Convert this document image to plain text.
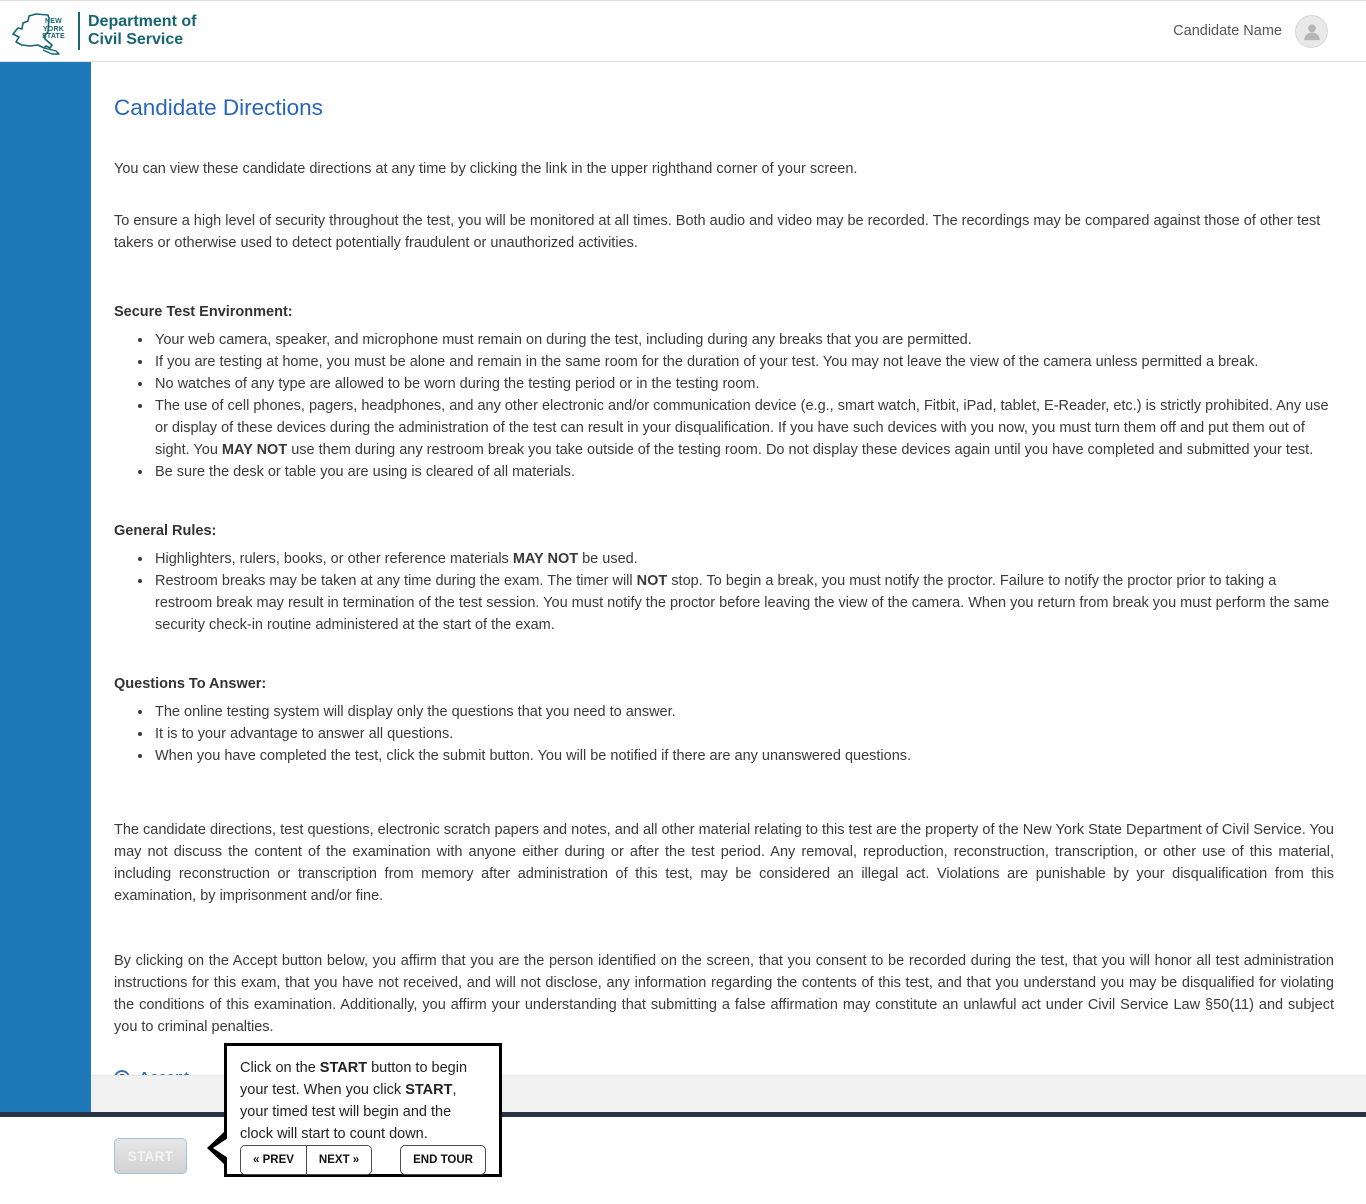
NEW
YORK
STATE
Department of
Civil Service	Candidate Name
Candidate Directions

You can view these candidate directions at any time by clicking the link in the upper righthand corner of your screen.

To ensure a high level of security throughout the test, you will be monitored at all times. Both audio and video may be recorded. The recordings may be compared against those of other test takers or otherwise used to detect potentially fraudulent or unauthorized activities.

Secure Test Environment:
• Your web camera, speaker, and microphone must remain on during the test, including during any breaks that you are permitted.
• If you are testing at home, you must be alone and remain in the same room for the duration of your test. You may not leave the view of the camera unless permitted a break.
• No watches of any type are allowed to be worn during the testing period or in the testing room.
• The use of cell phones, pagers, headphones, and any other electronic and/or communication device (e.g., smart watch, Fitbit, iPad, tablet, E-Reader, etc.) is strictly prohibited. Any use or display of these devices during the administration of the test can result in your disqualification. If you have such devices with you now, you must turn them off and put them out of sight. You MAY NOT use them during any restroom break you take outside of the testing room. Do not display these devices again until you have completed and submitted your test.
• Be sure the desk or table you are using is cleared of all materials.
General Rules:
• Highlighters, rulers, books, or other reference materials MAY NOT be used.
• Restroom breaks may be taken at any time during the exam. The timer will NOT stop. To begin a break, you must notify the proctor. Failure to notify the proctor prior to taking a restroom break may result in termination of the test session. You must notify the proctor before leaving the view of the camera. When you return from break you must perform the same security check-in routine administered at the start of the exam.
Questions To Answer:
• The online testing system will display only the questions that you need to answer.
• It is to your advantage to answer all questions.
• When you have completed the test, click the submit button. You will be notified if there are any unanswered questions.

The candidate directions, test questions, electronic scratch papers and notes, and all other material relating to this test are the property of the New York State Department of Civil Service. You may not discuss the content of the examination with anyone either during or after the test period. Any removal, reproduction, reconstruction, transcription, or other use of this material, including reconstruction or transcription from memory after administration of this test, may be considered an illegal act. Violations are punishable by your disqualification from this examination, by imprisonment and/or fine.

By clicking on the Accept button below, you affirm that you are the person identified on the screen, that you consent to be recorded during the test, that you will honor all test administration instructions for this exam, that you have not received, and will not disclose, any information regarding the contents of this test, and that you understand you may be disqualified for violating the conditions of this examination. Additionally, you affirm your understanding that submitting a false affirmation may constitute an unlawful act under Civil Service Law §50(11) and subject you to criminal penalties.

START

Click on the START button to begin your test. When you click START, your timed test will begin and the clock will start to count down.

« PREV	NEXT »	END TOUR
